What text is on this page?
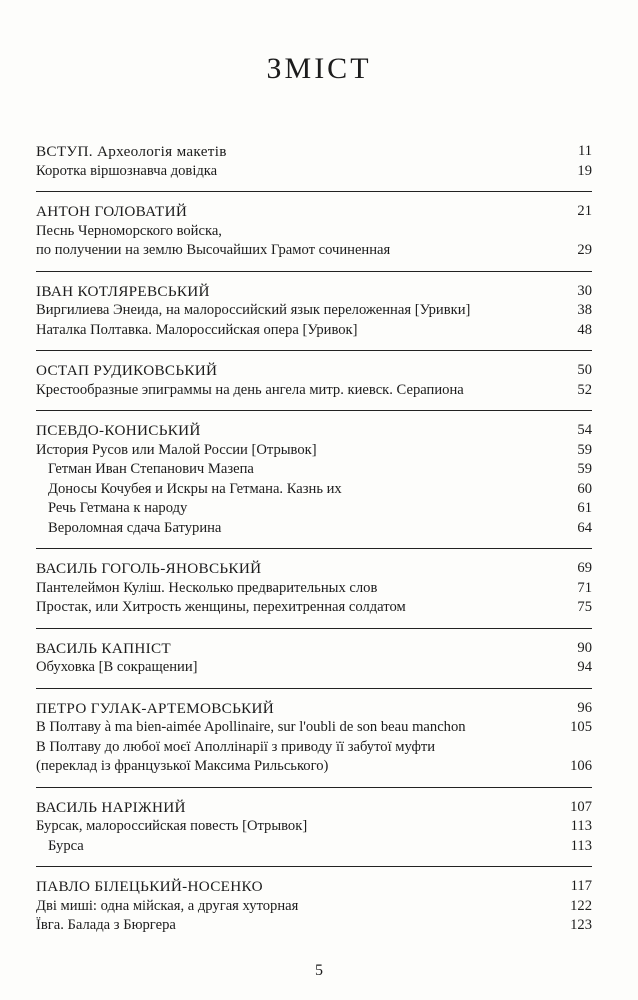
ЗМІСТ
ВСТУП. Археологія макетів	11
Коротка віршознавча довідка	19
АНТОН ГОЛОВАТИЙ	21
Песнь Черноморского войска,
по получении на землю Высочайших Грамот сочиненная	29
ІВАН КОТЛЯРЕВСЬКИЙ	30
Виргилиева Энеида, на малороссийский язык переложенная [Уривки]	38
Наталка Полтавка. Малороссийская опера [Уривок]	48
ОСТАП РУДИКОВСЬКИЙ	50
Крестообразные эпиграммы на день ангела митр. киевск. Серапиона	52
ПСЕВДО-КОНИСЬКИЙ	54
История Русов или Малой России [Отрывок]	59
Гетман Иван Степанович Мазепа	59
Доносы Кочубея и Искры на Гетмана. Казнь их	60
Речь Гетмана к народу	61
Вероломная сдача Батурина	64
ВАСИЛЬ ГОГОЛЬ-ЯНОВСЬКИЙ	69
Пантелеймон Куліш. Несколько предварительных слов	71
Простак, или Хитрость женщины, перехитренная солдатом	75
ВАСИЛЬ КАПНІСТ	90
Обуховка [В сокращении]	94
ПЕТРО ГУЛАК-АРТЕМОВСЬКИЙ	96
В Полтаву à ma bien-aimée Apollinaire, sur l'oubli de son beau manchon	105
В Полтаву до любої моєї Аполлінарії з приводу її забутої муфти
(переклад із французької Максима Рильського)	106
ВАСИЛЬ НАРІЖНИЙ	107
Бурсак, малороссийская повесть [Отрывок]	113
Бурса	113
ПАВЛО БІЛЕЦЬКИЙ-НОСЕНКО	117
Дві миші: одна мійская, а другая хуторная	122
Ївга. Балада з Бюргера	123
5
